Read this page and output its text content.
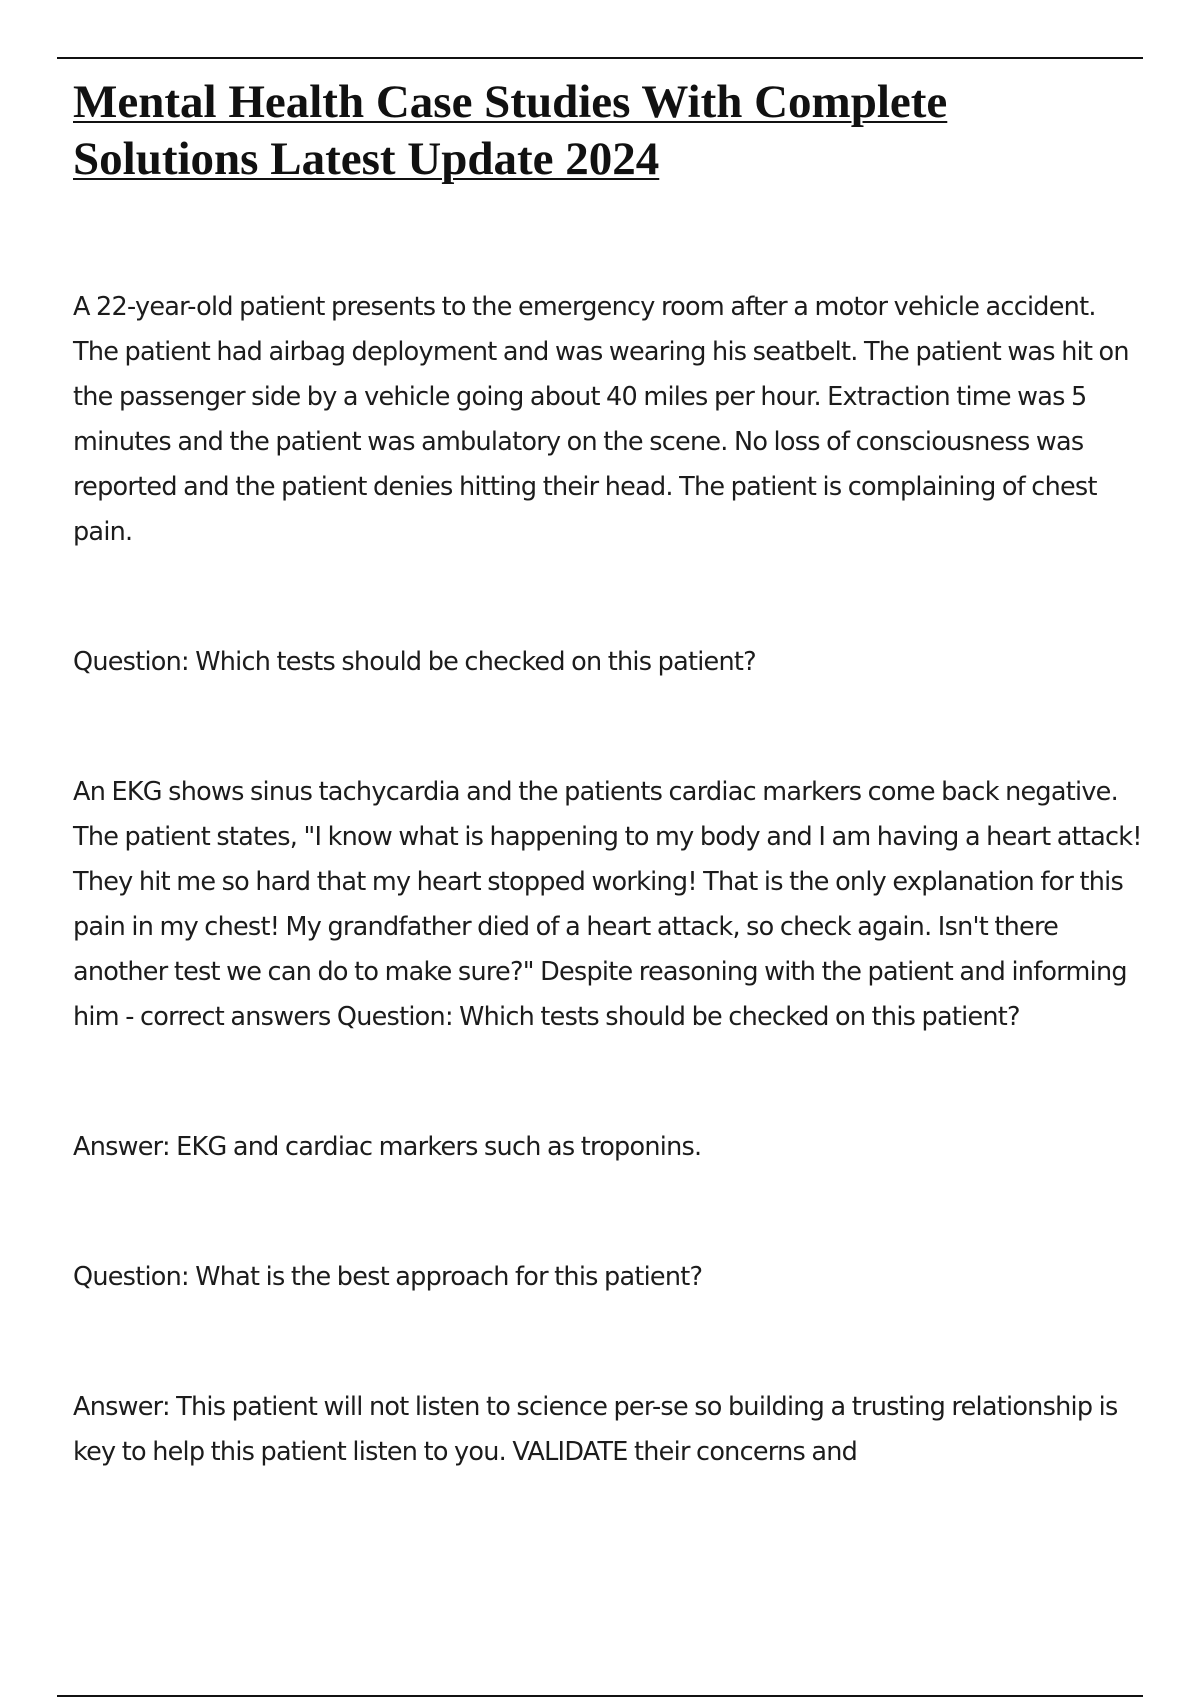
Mental Health Case Studies With Complete Solutions Latest Update 2024

A 22-year-old patient presents to the emergency room after a motor vehicle accident. The patient had airbag deployment and was wearing his seatbelt. The patient was hit on the passenger side by a vehicle going about 40 miles per hour. Extraction time was 5 minutes and the patient was ambulatory on the scene. No loss of consciousness was reported and the patient denies hitting their head. The patient is complaining of chest pain.

Question: Which tests should be checked on this patient?

An EKG shows sinus tachycardia and the patients cardiac markers come back negative. The patient states, "I know what is happening to my body and I am having a heart attack! They hit me so hard that my heart stopped working! That is the only explanation for this pain in my chest! My grandfather died of a heart attack, so check again. Isn't there another test we can do to make sure?" Despite reasoning with the patient and informing him - correct answers Question: Which tests should be checked on this patient?

Answer: EKG and cardiac markers such as troponins.

Question: What is the best approach for this patient?

Answer: This patient will not listen to science per-se so building a trusting relationship is key to help this patient listen to you. VALIDATE their concerns and
